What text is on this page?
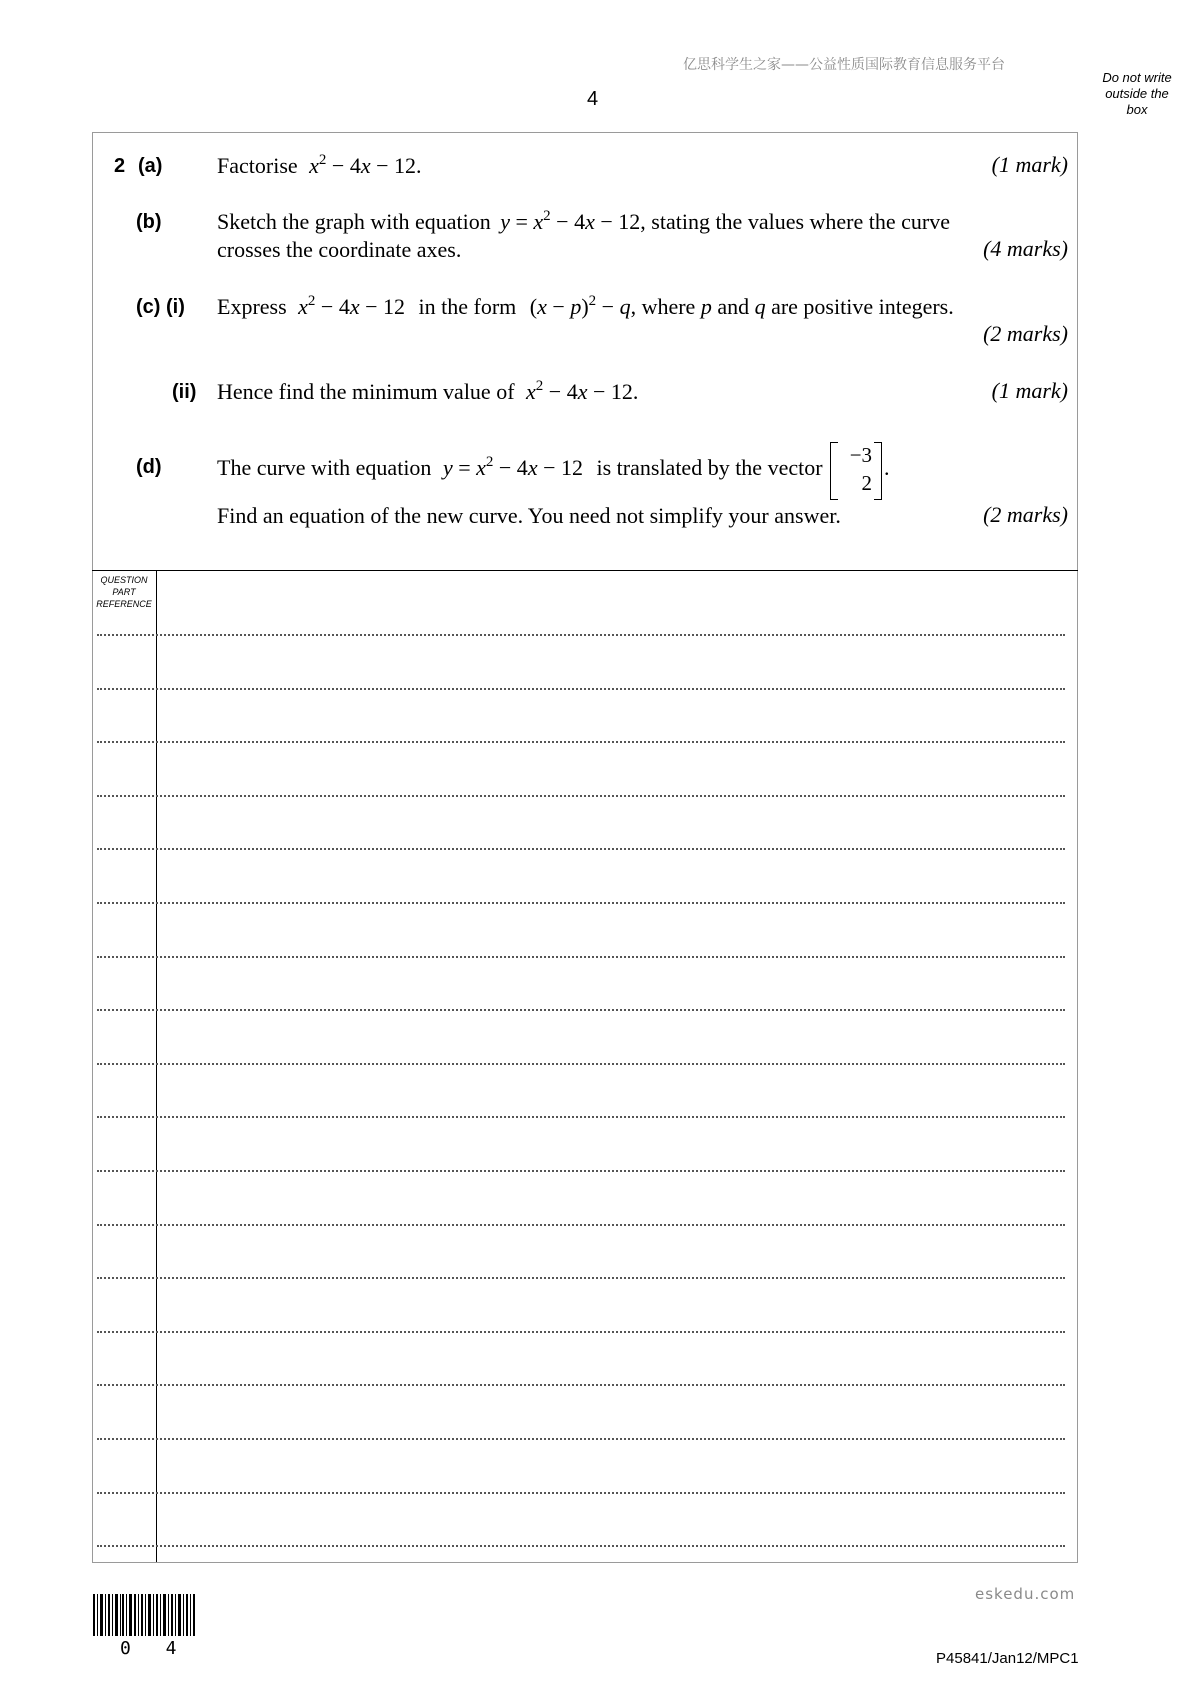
亿思科学生之家——公益性质国际教育信息服务平台
4
Do not write
outside the
box
2 (a) Factorise $x^2 - 4x - 12$.	(1 mark)
(b)	Sketch the graph with equation $y = x^2 - 4x - 12$, stating the values where the curve
crosses the coordinate axes.	(4 marks)
(c) (i) Express $x^2 - 4x - 12$ in the form $(x - p)^2 - q$, where p and q are positive integers.
(2 marks)
(ii) Hence find the minimum value of $x^2 - 4x - 12$.	(1 mark)
(d)	The curve with equation $y = x^2 - 4x - 12$ is translated by the vector
−3
2
.
Find an equation of the new curve. You need not simplify your answer.	(2 marks)
QUESTION
PART
REFERENCE
eskedu.com
0 4	P45841/Jan12/MPC1
